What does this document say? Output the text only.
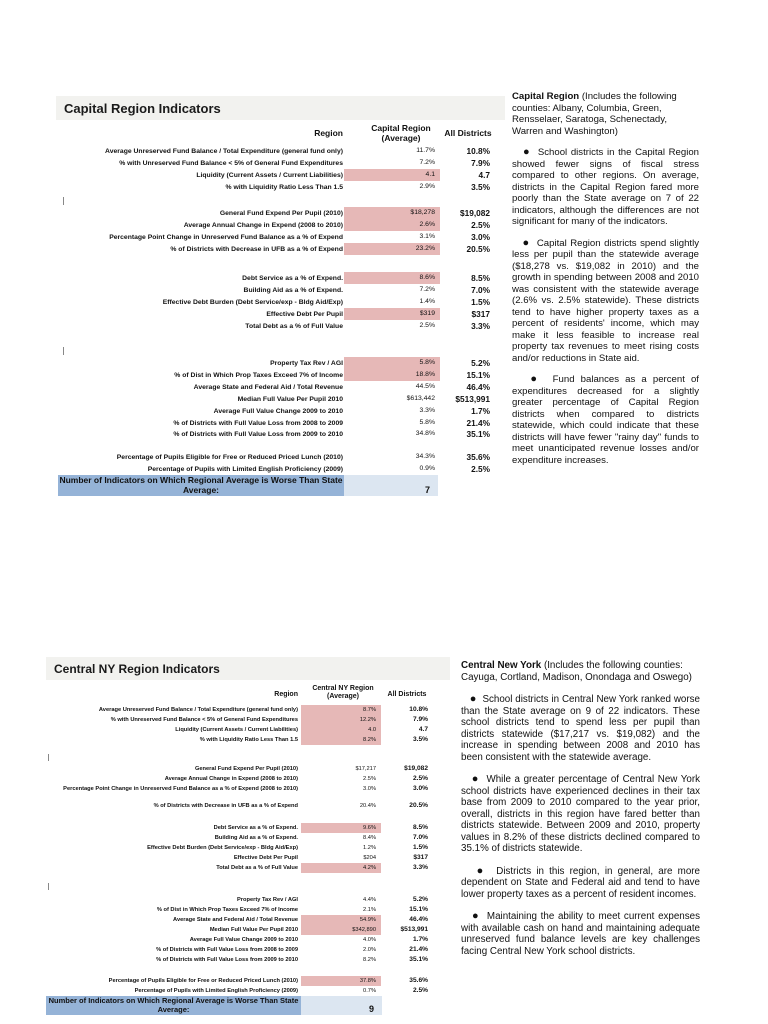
Capital Region Indicators
Region	Capital Region
(Average)	All Districts
Average Unreserved Fund Balance / Total Expenditure (general fund only)	11.7%	10.8%
% with Unreserved Fund Balance < 5% of General Fund Expenditures	7.2%	7.9%
Liquidity (Current Assets / Current Liabilities)	4.1	4.7
% with Liquidity Ratio Less Than 1.5	2.9%	3.5%
General Fund Expend Per Pupil (2010)	$18,278	$19,082
Average Annual Change in Expend (2008 to 2010)	2.6%	2.5%
Percentage Point Change in Unreserved Fund Balance as a % of Expend	3.1%	3.0%
% of Districts with Decrease in UFB as a % of Expend	23.2%	20.5%
Debt Service as a % of Expend.	8.6%	8.5%
Building Aid as a % of Expend.	7.2%	7.0%
Effective Debt Burden (Debt Service/exp - Bldg Aid/Exp)	1.4%	1.5%
Effective Debt Per Pupil	$319	$317
Total Debt as a % of Full Value	2.5%	3.3%
Property Tax Rev / AGI	5.8%	5.2%
% of Dist in Which Prop Taxes Exceed 7% of Income	18.8%	15.1%
Average State and Federal Aid / Total Revenue	44.5%	46.4%
Median Full Value Per Pupil 2010	$613,442	$513,991
Average Full Value Change 2009 to 2010	3.3%	1.7%
% of Districts with Full Value Loss from 2008 to 2009	5.8%	21.4%
% of Districts with Full Value Loss from 2009 to 2010	34.8%	35.1%
Percentage of Pupils Eligible for Free or Reduced Priced Lunch (2010)	34.3%	35.6%
Percentage of Pupils with Limited English Proficiency (2009)	0.9%	2.5%
Number of Indicators on Which Regional Average is Worse Than State Average:	7

Capital Region (Includes the following counties: Albany, Columbia, Green, Rensselaer, Saratoga, Schenectady, Warren and Washington)

● School districts in the Capital Region showed fewer signs of fiscal stress compared to other regions. On average, districts in the Capital Region fared more poorly than the State average on 7 of 22 indicators, although the differences are not significant for many of the indicators.

● Capital Region districts spend slightly less per pupil than the statewide average ($18,278 vs. $19,082 in 2010) and the growth in spending between 2008 and 2010 was consistent with the statewide average (2.6% vs. 2.5% statewide). These districts tend to have higher property taxes as a percent of residents' income, which may make it less feasible to increase real property tax revenues to meet rising costs and/or reductions in State aid.

● Fund balances as a percent of expenditures decreased for a slightly greater percentage of Capital Region districts when compared to districts statewide, which could indicate that these districts will have fewer "rainy day" funds to meet unanticipated revenue losses and/or expenditure increases.

Central NY Region Indicators
Region
Central NY Region
(Average)	All Districts
Average Unreserved Fund Balance / Total Expenditure (general fund only)	8.7%	10.8%
% with Unreserved Fund Balance < 5% of General Fund Expenditures	12.2%	7.9%
Liquidity (Current Assets / Current Liabilities)	4.0	4.7
% with Liquidity Ratio Less Than 1.5	8.2%	3.5%
General Fund Expend Per Pupil (2010)	$17,217	$19,082
Average Annual Change in Expend (2008 to 2010)	2.5%	2.5%
Percentage Point Change in Unreserved Fund Balance as a % of Expend (2008 to 2010)	3.0%	3.0%
% of Districts with Decrease in UFB as a % of Expend	20.4%	20.5%
Debt Service as a % of Expend.	9.6%	8.5%
Building Aid as a % of Expend.	8.4%	7.0%
Effective Debt Burden (Debt Service/exp - Bldg Aid/Exp)	1.2%	1.5%
Effective Debt Per Pupil	$204	$317
Total Debt as a % of Full Value	4.2%	3.3%
Property Tax Rev / AGI	4.4%	5.2%
% of Dist in Which Prop Taxes Exceed 7% of Income	2.1%	15.1%
Average State and Federal Aid / Total Revenue	54.9%	46.4%
Median Full Value Per Pupil 2010	$342,890	$513,991
Average Full Value Change 2009 to 2010	4.0%	1.7%
% of Districts with Full Value Loss from 2008 to 2009	2.0%	21.4%
% of Districts with Full Value Loss from 2009 to 2010	8.2%	35.1%
Percentage of Pupils Eligible for Free or Reduced Priced Lunch (2010)	37.8%	35.6%
Percentage of Pupils with Limited English Proficiency (2009)	0.7%	2.5%
Number of Indicators on Which Regional Average is Worse Than State Average:	9

Central New York (Includes the following counties: Cayuga, Cortland, Madison, Onondaga and Oswego)

● School districts in Central New York ranked worse than the State average on 9 of 22 indicators. These school districts tend to spend less per pupil than districts statewide ($17,217 vs. $19,082) and the increase in spending between 2008 and 2010 has been consistent with the statewide average.

● While a greater percentage of Central New York school districts have experienced declines in their tax base from 2009 to 2010 compared to the year prior, overall, districts in this region have fared better than districts statewide. Between 2009 and 2010, property values in 8.2% of these districts declined compared to 35.1% of districts statewide.

● Districts in this region, in general, are more dependent on State and Federal aid and tend to have lower property taxes as a percent of resident incomes.

● Maintaining the ability to meet current expenses with available cash on hand and maintaining adequate unreserved fund balance levels are key challenges facing Central New York school districts.
